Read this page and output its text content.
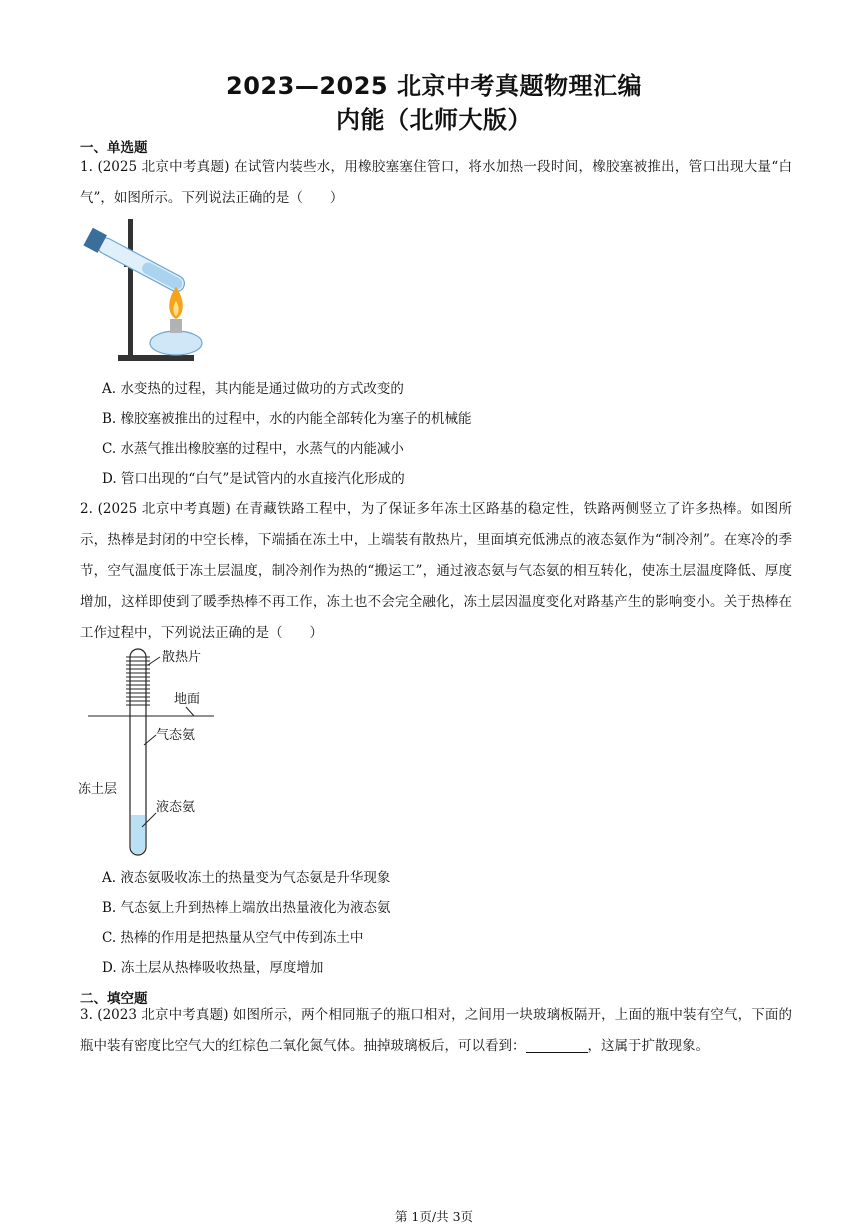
2023—2025 北京中考真题物理汇编
内能（北师大版）
一、单选题
1. (2025 北京中考真题) 在试管内装些水，用橡胶塞塞住管口，将水加热一段时间，橡胶塞被推出，管口出现大量“白气”，如图所示。下列说法正确的是（　　）
A. 水变热的过程，其内能是通过做功的方式改变的
B. 橡胶塞被推出的过程中，水的内能全部转化为塞子的机械能
C. 水蒸气推出橡胶塞的过程中，水蒸气的内能减小
D. 管口出现的“白气”是试管内的水直接汽化形成的
2. (2025 北京中考真题) 在青藏铁路工程中，为了保证多年冻土区路基的稳定性，铁路两侧竖立了许多热棒。如图所示，热棒是封闭的中空长棒，下端插在冻土中，上端装有散热片，里面填充低沸点的液态氨作为“制冷剂”。在寒冷的季节，空气温度低于冻土层温度，制冷剂作为热的“搬运工”，通过液态氨与气态氨的相互转化，使冻土层温度降低、厚度增加，这样即使到了暖季热棒不再工作，冻土也不会完全融化，冻土层因温度变化对路基产生的影响变小。关于热棒在工作过程中，下列说法正确的是（　　）
散热片
地面
气态氨
冻土层
液态氨
A. 液态氨吸收冻土的热量变为气态氨是升华现象
B. 气态氨上升到热棒上端放出热量液化为液态氨
C. 热棒的作用是把热量从空气中传到冻土中
D. 冻土层从热棒吸收热量，厚度增加
二、填空题
3. (2023 北京中考真题) 如图所示，两个相同瓶子的瓶口相对，之间用一块玻璃板隔开，上面的瓶中装有空气，下面的瓶中装有密度比空气大的红棕色二氧化氮气体。抽掉玻璃板后，可以看到：	，这属于扩散现象。
第 1页/共 3页
